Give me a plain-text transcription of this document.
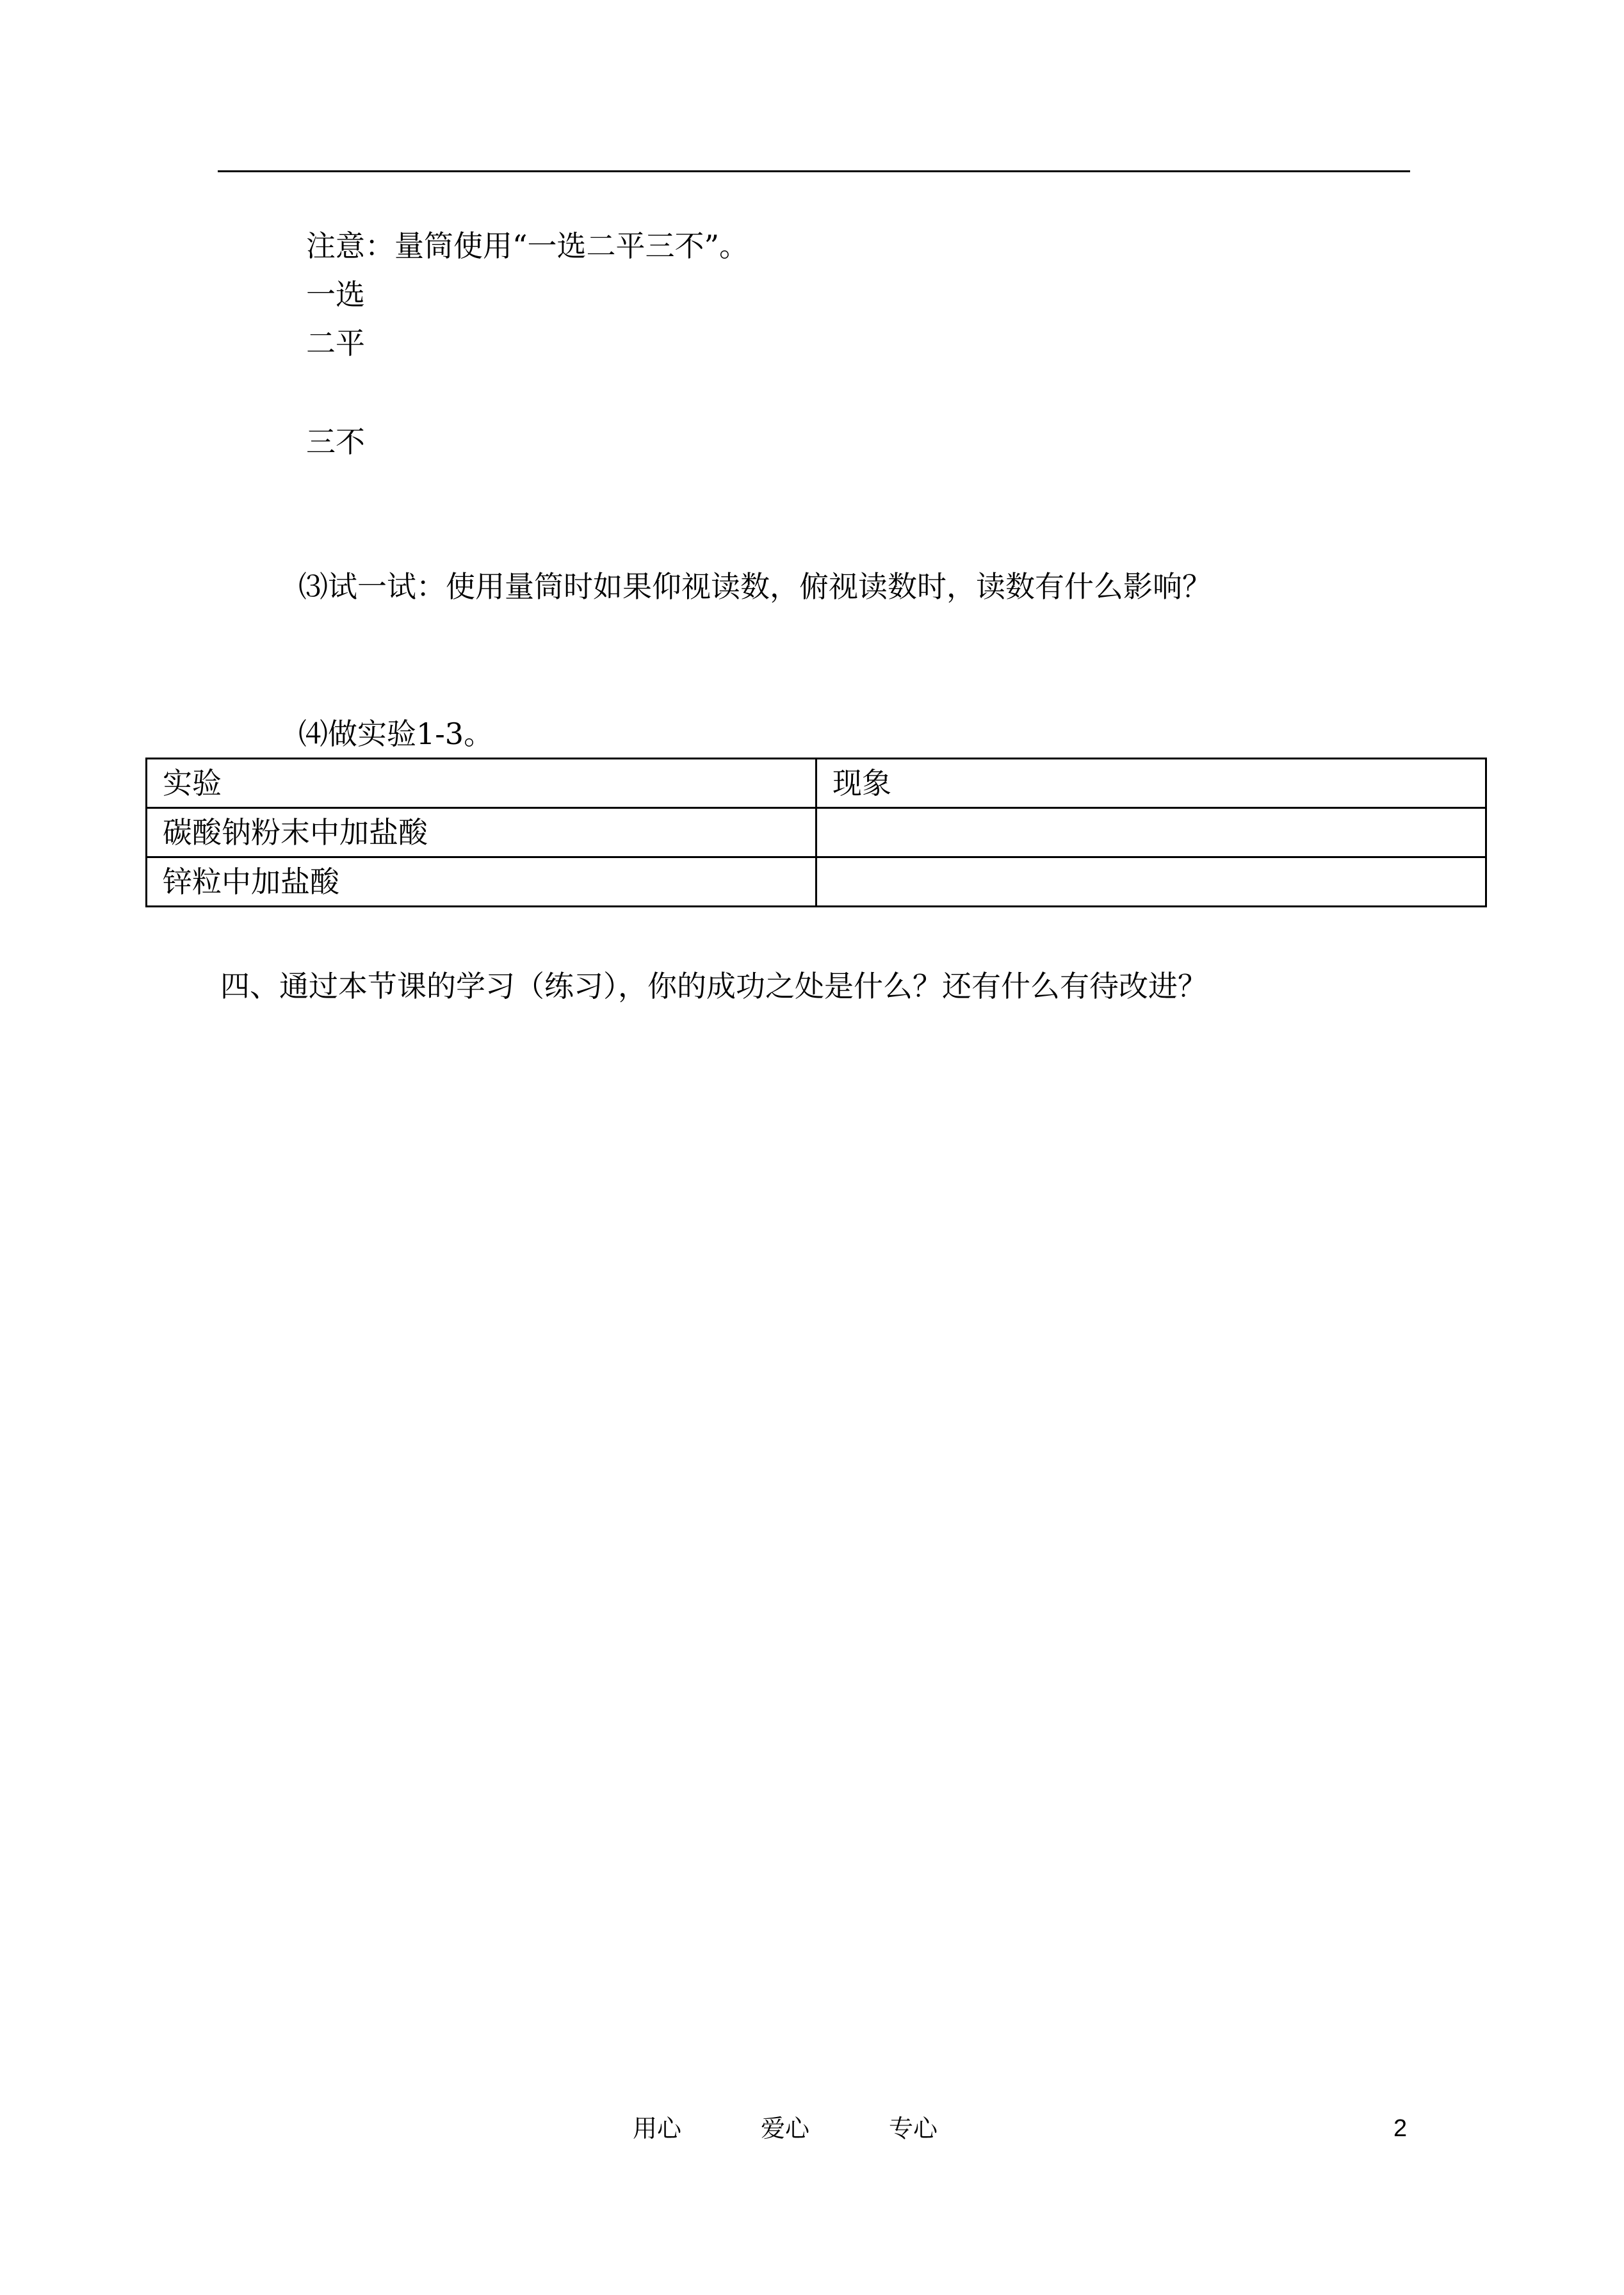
注意：量筒使用“一选二平三不”。
一选
二平
三不
⑶试一试：使用量筒时如果仰视读数，俯视读数时，读数有什么影响？
⑷做实验1-3。
实验	现象
碳酸钠粉末中加盐酸	
锌粒中加盐酸	
四、通过本节课的学习（练习），你的成功之处是什么？还有什么有待改进？
用心	爱心	专心	2
